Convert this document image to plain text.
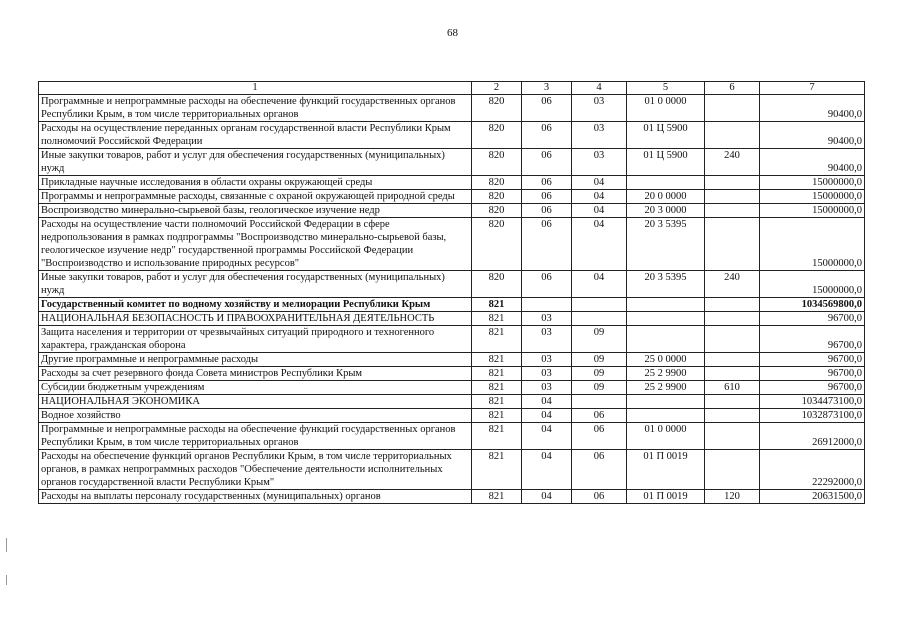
68
1	2	3	4	5	6	7
Программные и непрограммные расходы на обеспечение функций государственных органов Республики Крым, в том числе территориальных органов	820	06	03	01 0 0000		90400,0
Расходы на осуществление переданных органам государственной власти Республики Крым полномочий Российской Федерации	820	06	03	01 Ц 5900		90400,0
Иные закупки товаров, работ и услуг для обеспечения государственных (муниципальных) нужд	820	06	03	01 Ц 5900	240	90400,0
Прикладные научные исследования в области охраны окружающей среды	820	06	04			15000000,0
Программы и непрограммные расходы, связанные с охраной окружающей природной среды	820	06	04	20 0 0000		15000000,0
Воспроизводство минерально-сырьевой базы, геологическое изучение недр	820	06	04	20 3 0000		15000000,0
Расходы на осуществление части полномочий Российской Федерации в сфере недропользования в рамках подпрограммы "Воспроизводство минерально-сырьевой базы, геологическое изучение недр" государственной программы Российской Федерации "Воспроизводство и использование природных ресурсов"	820	06	04	20 3 5395		15000000,0
Иные закупки товаров, работ и услуг для обеспечения государственных (муниципальных) нужд	820	06	04	20 3 5395	240	15000000,0
Государственный комитет по водному хозяйству и мелиорации Республики Крым	821					1034569800,0
НАЦИОНАЛЬНАЯ БЕЗОПАСНОСТЬ И ПРАВООХРАНИТЕЛЬНАЯ ДЕЯТЕЛЬНОСТЬ	821	03				96700,0
Защита населения и территории от чрезвычайных ситуаций природного и техногенного характера, гражданская оборона	821	03	09			96700,0
Другие программные и непрограммные расходы	821	03	09	25 0 0000		96700,0
Расходы за счет резервного фонда Совета министров Республики Крым	821	03	09	25 2 9900		96700,0
Субсидии бюджетным учреждениям	821	03	09	25 2 9900	610	96700,0
НАЦИОНАЛЬНАЯ ЭКОНОМИКА	821	04				1034473100,0
Водное хозяйство	821	04	06			1032873100,0
Программные и непрограммные расходы на обеспечение функций государственных органов Республики Крым, в том числе территориальных органов	821	04	06	01 0 0000		26912000,0
Расходы на обеспечение функций органов Республики Крым, в том числе территориальных органов, в рамках непрограммных расходов "Обеспечение деятельности исполнительных органов государственной власти Республики Крым"	821	04	06	01 П 0019		22292000,0
Расходы на выплаты персоналу государственных (муниципальных) органов	821	04	06	01 П 0019	120	20631500,0
